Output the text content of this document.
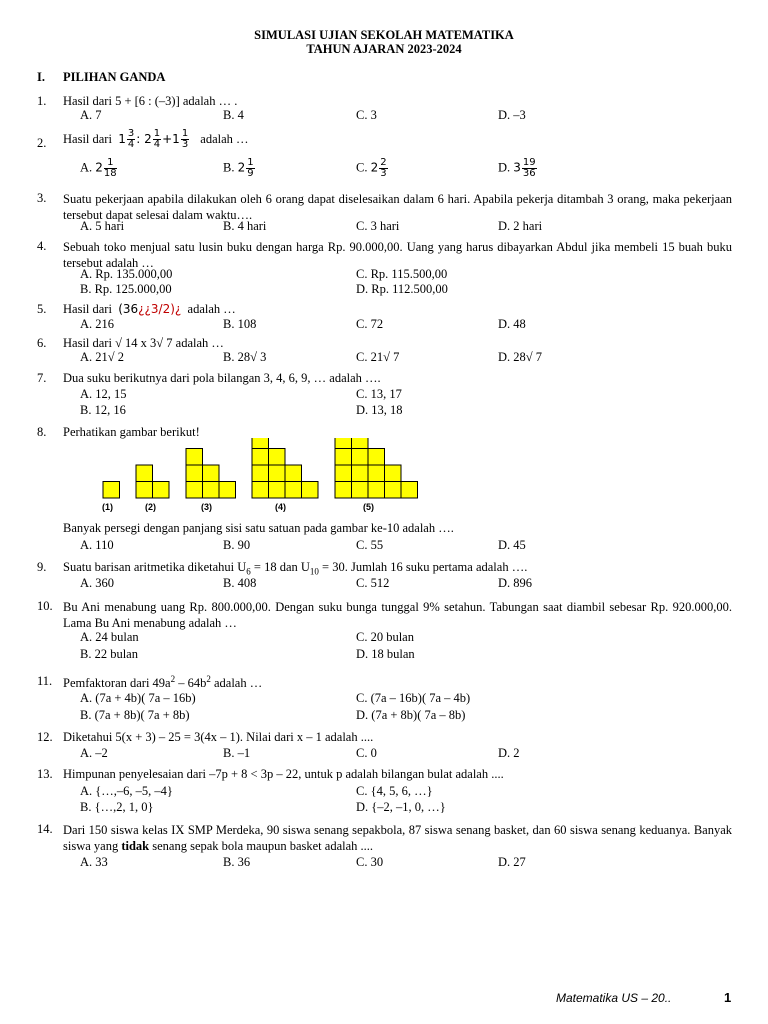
SIMULASI UJIAN SEKOLAH MATEMATIKA
TAHUN AJARAN 2023-2024
I. PILIHAN GANDA
1. Hasil dari 5 + [6 : (–3)] adalah … .
A. 7	B. 4	C. 3	D. –3
2. Hasil dari $1 \frac{3}{4}$ : $2 \frac{1}{4} +1 \frac{1}{3}$ adalah …
A. $2 \frac{1}{18}$	B. $2 \frac{1}{9}$	C. $2 \frac{2}{3}$	D. $3 \frac{19}{36}$
3. Suatu pekerjaan apabila dilakukan oleh 6 orang dapat diselesaikan dalam 6 hari. Apabila pekerja ditambah 3 orang, maka pekerjaan tersebut dapat selesai dalam waktu….
A. 5 hari	B. 4 hari	C. 3 hari	D. 2 hari
4. Sebuah toko menjual satu lusin buku dengan harga Rp. 90.000,00. Uang yang harus dibayarkan Abdul jika membeli 15 buah buku tersebut adalah …
A. Rp. 135.000,00	C. Rp. 115.500,00
B. Rp. 125.000,00	D. Rp. 112.500,00
5. Hasil dari (36¿¿3/2)¿ adalah …
A. 216	B. 108	C. 72	D. 48
6. Hasil dari √ 14 x 3√ 7 adalah …
A. 21√ 2	B. 28√ 3	C. 21√ 7	D. 28√ 7
7. Dua suku berikutnya dari pola bilangan 3, 4, 6, 9, … adalah ….
A. 12, 15	C. 13, 17
B. 12, 16	D. 13, 18
8. Perhatikan gambar berikut!
(1)	(2)	(3)	(4)	(5)
Banyak persegi dengan panjang sisi satu satuan pada gambar ke-10 adalah ….
A. 110	B. 90	C. 55	D. 45
9. Suatu barisan aritmetika diketahui $U_6 = 18$ dan $U_{10} = 30$. Jumlah 16 suku pertama adalah ….
A. 360	B. 408	C. 512	D. 896
10. Bu Ani menabung uang Rp. 800.000,00. Dengan suku bunga tunggal 9% setahun. Tabungan saat diambil sebesar Rp. 920.000,00. Lama Bu Ani menabung adalah …
A. 24 bulan	C. 20 bulan
B. 22 bulan	D. 18 bulan
11. Pemfaktoran dari $49a^2 - 64b^2$ adalah …
A. (7a + 4b)( 7a – 16b)	C. (7a – 16b)( 7a – 4b)
B. (7a + 8b)( 7a + 8b)	D. (7a + 8b)( 7a – 8b)
12. Diketahui 5(x + 3) – 25 = 3(4x – 1). Nilai dari x – 1 adalah ....
A. –2	B. –1	C. 0	D. 2
13. Himpunan penyelesaian dari –7p + 8 < 3p – 22, untuk p adalah bilangan bulat adalah ....
A. {…,–6, –5, –4}	C. {4, 5, 6, …}
B. {…,2, 1, 0}	D. {–2, –1, 0, …}
14. Dari 150 siswa kelas IX SMP Merdeka, 90 siswa senang sepakbola, 87 siswa senang basket, dan 60 siswa senang keduanya. Banyak siswa yang tidak senang sepak bola maupun basket adalah ....
A. 33	B. 36	C. 30	D. 27
Matematika US – 20..	1
